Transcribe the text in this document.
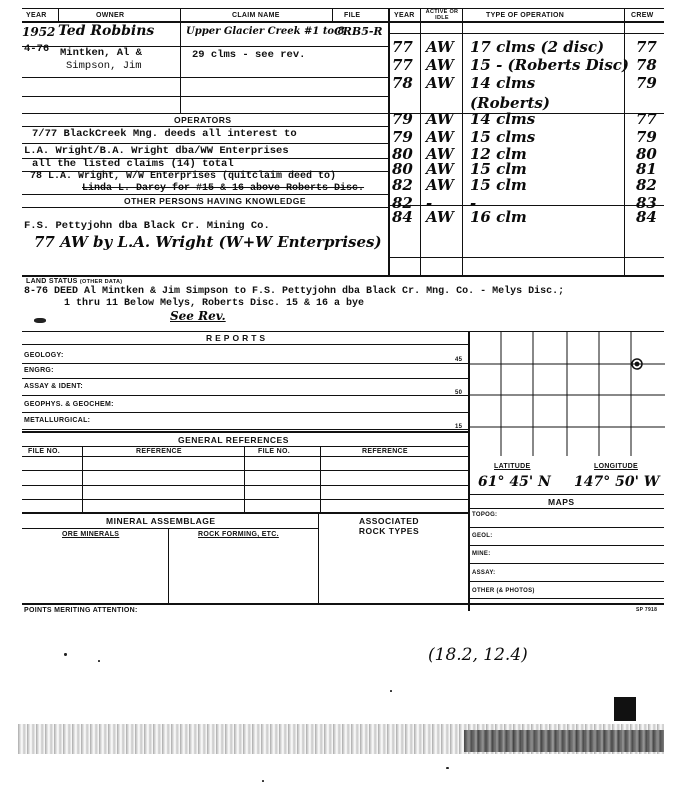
YEAR	OWNER	CLAIM NAME	FILE	YEAR	ACTIVE OR IDLE	TYPE OF OPERATION	CREW
1952 Ted Robbins	Upper Glacier Creek #1 to 8
CRB5-R
4-76 Mintken, Al &	29 clms - see rev.
Simpson, Jim
OPERATORS
7/77 BlackCreek Mng. deeds all interest to
L.A. Wright/B.A. Wright dba/WW Enterprises
all the listed claims (14) total
78 L.A. Wright, W/W Enterprises (quitclaim deed to)
Linda L. Darcy for #15 & 16 above Roberts Disc.
OTHER PERSONS HAVING KNOWLEDGE
F.S. Pettyjohn dba Black Cr. Mining Co.
77 AW by L.A. Wright (W+W Enterprises)
77 AW 17 clms (2 disc) 77
77 AW 15 - (Roberts Disc) 78
78 AW 14 clms	79
(Roberts)
79 AW 14 clms	77
79 AW 15 clms	79
80 AW 12 clm	80
80 AW 15 clm	81
82 AW 15 clm	82
82 -	-	83
84 AW 16 clm	84
LAND STATUS (OTHER DATA)
8-76 DEED Al Mintken & Jim Simpson to F.S. Pettyjohn dba Black Cr. Mng. Co. - Melys Disc.;
1 thru 11 Below Melys, Roberts Disc. 15 & 16 a bye
See Rev.
REPORTS
GEOLOGY:
ENGRG:
ASSAY & IDENT:
GEOPHYS. & GEOCHEM:
METALLURGICAL:
45
50
15
GENERAL REFERENCES
FILE NO.	REFERENCE	FILE NO.	REFERENCE
LATITUDE	LONGITUDE
61° 45' N 147° 50' W
MAPS
TOPOG:
GEOL:
MINE:
ASSAY:
OTHER (& PHOTOS)
MINERAL ASSEMBLAGE	ASSOCIATED ROCK TYPES
ORE MINERALS	ROCK FORMING, ETC.
POINTS MERITING ATTENTION:	SP 7918
(18.2, 12.4)
